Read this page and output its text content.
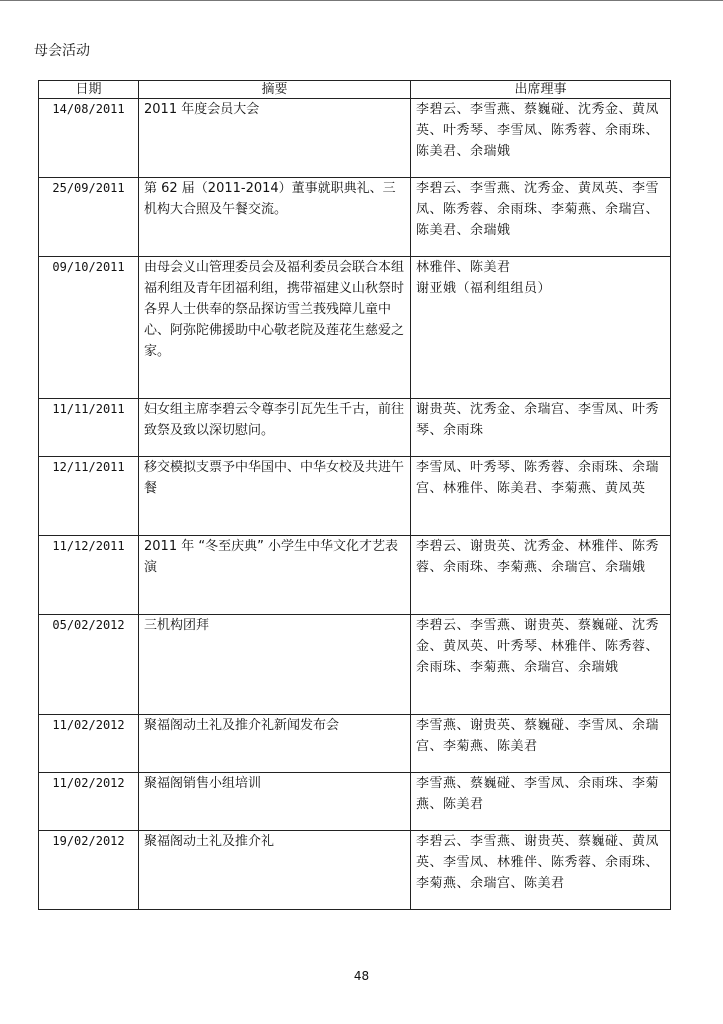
母会活动
日期	摘要	出席理事
14/08/2011	2011 年度会员大会	李碧云、李雪燕、蔡巍碰、沈秀金、黄凤英、叶秀琴、李雪凤、陈秀蓉、余雨珠、陈美君、余瑞娥
25/09/2011	第 62 届（2011-2014）董事就职典礼、三机构大合照及午餐交流。	李碧云、李雪燕、沈秀金、黄凤英、李雪凤、陈秀蓉、余雨珠、李菊燕、余瑞宫、陈美君、余瑞娥
09/10/2011	由母会义山管理委员会及福利委员会联合本组福利组及青年团福利组，携带福建义山秋祭时各界人士供奉的祭品探访雪兰莪残障儿童中心、阿弥陀佛援助中心敬老院及莲花生慈爱之家。	林雅伴、陈美君
谢亚娥（福利组组员）
11/11/2011	妇女组主席李碧云令尊李引瓦先生千古，前往致祭及致以深切慰问。	谢贵英、沈秀金、余瑞宫、李雪凤、叶秀琴、余雨珠
12/11/2011	移交模拟支票予中华国中、中华女校及共进午餐	李雪凤、叶秀琴、陈秀蓉、余雨珠、余瑞宫、林雅伴、陈美君、李菊燕、黄凤英
11/12/2011	2011 年 “冬至庆典” 小学生中华文化才艺表演	李碧云、谢贵英、沈秀金、林雅伴、陈秀蓉、余雨珠、李菊燕、余瑞宫、余瑞娥
05/02/2012	三机构团拜	李碧云、李雪燕、谢贵英、蔡巍碰、沈秀金、黄凤英、叶秀琴、林雅伴、陈秀蓉、余雨珠、李菊燕、余瑞宫、余瑞娥
11/02/2012	聚福阁动土礼及推介礼新闻发布会	李雪燕、谢贵英、蔡巍碰、李雪凤、余瑞宫、李菊燕、陈美君
11/02/2012	聚福阁销售小组培训	李雪燕、蔡巍碰、李雪凤、余雨珠、李菊燕、陈美君
19/02/2012	聚福阁动土礼及推介礼	李碧云、李雪燕、谢贵英、蔡巍碰、黄凤英、李雪凤、林雅伴、陈秀蓉、余雨珠、李菊燕、余瑞宫、陈美君
48
